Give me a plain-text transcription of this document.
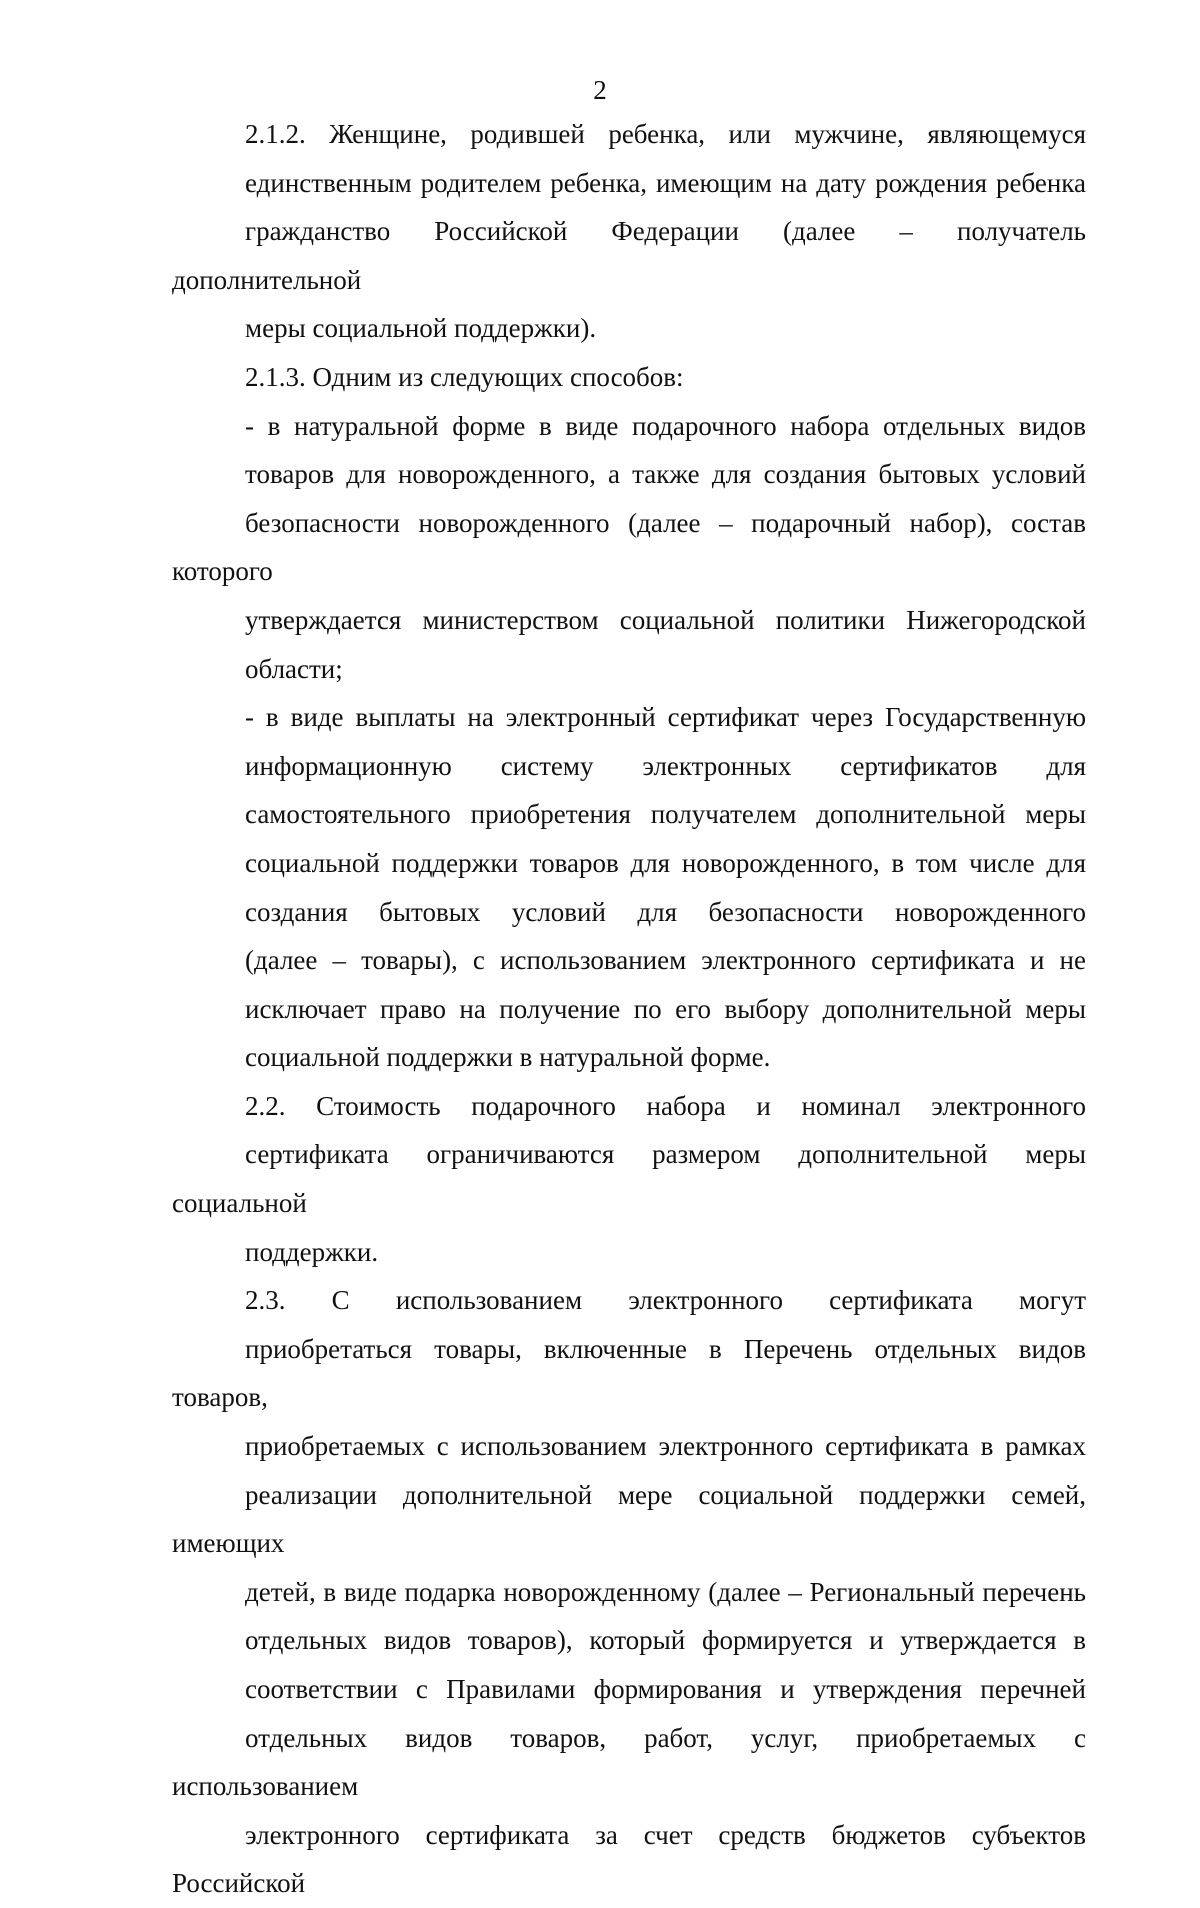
2

2.1.2. Женщине, родившей ребенка, или мужчине, являющемуся
единственным родителем ребенка, имеющим на дату рождения ребенка
гражданство Российской Федерации (далее – получатель дополнительной
меры социальной поддержки).

2.1.3. Одним из следующих способов:

- в натуральной форме в виде подарочного набора отдельных видов
товаров для новорожденного, а также для создания бытовых условий
безопасности новорожденного (далее – подарочный набор), состав которого
утверждается министерством социальной политики Нижегородской
области;

- в виде выплаты на электронный сертификат через Государственную
информационную систему электронных сертификатов для
самостоятельного приобретения получателем дополнительной меры
социальной поддержки товаров для новорожденного, в том числе для
создания бытовых условий для безопасности новорожденного
(далее – товары), с использованием электронного сертификата и не
исключает право на получение по его выбору дополнительной меры
социальной поддержки в натуральной форме.

2.2. Стоимость подарочного набора и номинал электронного
сертификата ограничиваются размером дополнительной меры социальной
поддержки.

2.3. С использованием электронного сертификата могут
приобретаться товары, включенные в Перечень отдельных видов товаров,
приобретаемых с использованием электронного сертификата в рамках
реализации дополнительной мере социальной поддержки семей, имеющих
детей, в виде подарка новорожденному (далее – Региональный перечень
отдельных видов товаров), который формируется и утверждается в
соответствии с Правилами формирования и утверждения перечней
отдельных видов товаров, работ, услуг, приобретаемых с использованием
электронного сертификата за счет средств бюджетов субъектов Российской
